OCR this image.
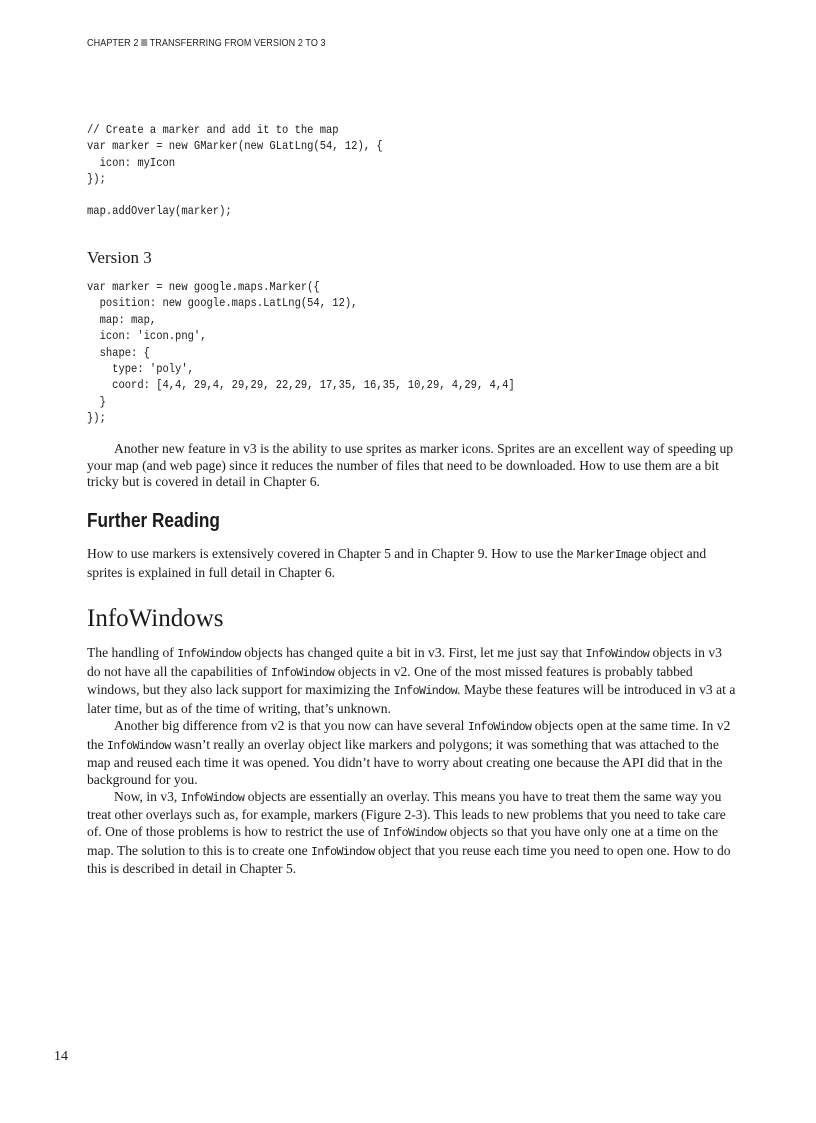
CHAPTER 2 TRANSFERRING FROM VERSION 2 TO 3
// Create a marker and add it to the map
var marker = new GMarker(new GLatLng(54, 12), {
icon: myIcon
});
map.addOverlay(marker);
Version 3
var marker = new google.maps.Marker({
position: new google.maps.LatLng(54, 12),
map: map,
icon: 'icon.png',
shape: {
type: 'poly',
coord: [4,4, 29,4, 29,29, 22,29, 17,35, 16,35, 10,29, 4,29, 4,4]
}
});

Another new feature in v3 is the ability to use sprites as marker icons. Sprites are an excellent way of speeding up your map (and web page) since it reduces the number of files that need to be downloaded. How to use them are a bit tricky but is covered in detail in Chapter 6.

Further Reading

How to use markers is extensively covered in Chapter 5 and in Chapter 9. How to use the MarkerImage object and sprites is explained in full detail in Chapter 6.

InfoWindows

The handling of InfoWindow objects has changed quite a bit in v3. First, let me just say that InfoWindow objects in v3 do not have all the capabilities of InfoWindow objects in v2. One of the most missed features is probably tabbed windows, but they also lack support for maximizing the InfoWindow. Maybe these features will be introduced in v3 at a later time, but as of the time of writing, that’s unknown.

Another big difference from v2 is that you now can have several InfoWindow objects open at the same time. In v2 the InfoWindow wasn’t really an overlay object like markers and polygons; it was something that was attached to the map and reused each time it was opened. You didn’t have to worry about creating one because the API did that in the background for you.

Now, in v3, InfoWindow objects are essentially an overlay. This means you have to treat them the same way you treat other overlays such as, for example, markers (Figure 2-3). This leads to new problems that you need to take care of. One of those problems is how to restrict the use of InfoWindow objects so that you have only one at a time on the map. The solution to this is to create one InfoWindow object that you reuse each time you need to open one. How to do this is described in detail in Chapter 5.

14
